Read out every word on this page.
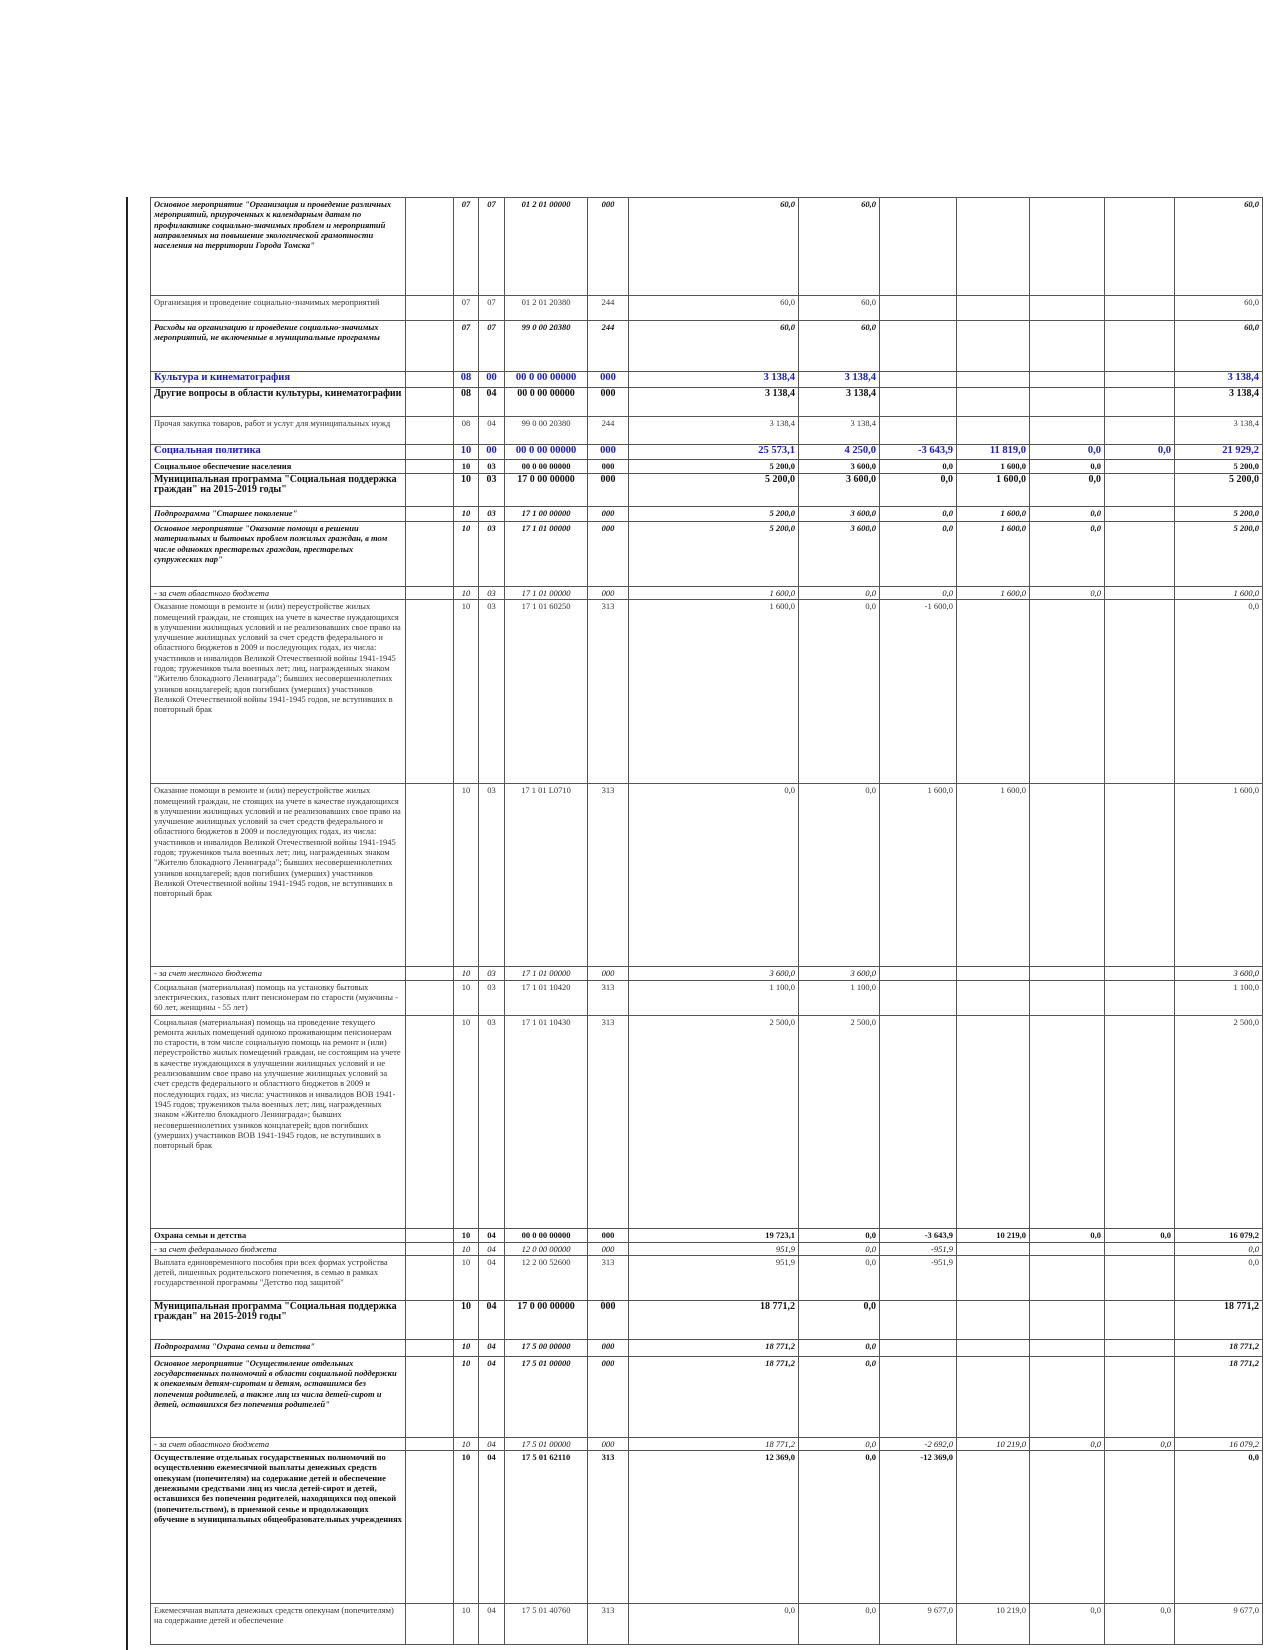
Основное мероприятие "Организация и проведение различных мероприятий, приуроченных к календарным датам по профилактике социально-значимых проблем и мероприятий направленных на повышение экологической грамотности населения на территории Города Томска"		07	07	01 2 01 00000	000	60,0	60,0					60,0
Организация и проведение социально-значимых мероприятий		07	07	01 2 01 20380	244	60,0	60,0					60,0
Расходы на организацию и проведение социально-значимых мероприятий, не включенные в муниципальные программы		07	07	99 0 00 20380	244	60,0	60,0					60,0
Культура и кинематография		08	00	00 0 00 00000	000	3 138,4	3 138,4					3 138,4
Другие вопросы в области культуры, кинематографии		08	04	00 0 00 00000	000	3 138,4	3 138,4					3 138,4
Прочая закупка товаров, работ и услуг для муниципальных нужд		08	04	99 0 00 20380	244	3 138,4	3 138,4					3 138,4
Социальная политика		10	00	00 0 00 00000	000	25 573,1	4 250,0	-3 643,9	11 819,0	0,0	0,0	21 929,2
Социальное обеспечение населения		10	03	00 0 00 00000	000	5 200,0	3 600,0	0,0	1 600,0	0,0		5 200,0
Муниципальная программа "Социальная поддержка граждан" на 2015-2019 годы"		10	03	17 0 00 00000	000	5 200,0	3 600,0	0,0	1 600,0	0,0		5 200,0
Подпрограмма "Старшее поколение"		10	03	17 1 00 00000	000	5 200,0	3 600,0	0,0	1 600,0	0,0		5 200,0
Основное мероприятие "Оказание помощи в решении материальных и бытовых проблем пожилых граждан, в том числе одиноких престарелых граждан, престарелых супружеских пар"		10	03	17 1 01 00000	000	5 200,0	3 600,0	0,0	1 600,0	0,0		5 200,0
- за счет областного бюджета		10	03	17 1 01 00000	000	1 600,0	0,0	0,0	1 600,0	0,0		1 600,0
Оказание помощи в ремонте и (или) переустройстве жилых помещений граждан, не стоящих на учете в качестве нуждающихся в улучшении жилищных условий и не реализовавших свое право на улучшение жилищных условий за счет средств федерального и областного бюджетов в 2009 и последующих годах, из числа: участников и инвалидов Великой Отечественной войны 1941-1945 годов; тружеников тыла военных лет; лиц, награжденных знаком "Жителю блокадного Ленинграда"; бывших несовершеннолетних узников концлагерей; вдов погибших (умерших) участников Великой Отечественной войны 1941-1945 годов, не вступивших в повторный брак		10	03	17 1 01 60250	313	1 600,0	0,0	-1 600,0				0,0
Оказание помощи в ремонте и (или) переустройстве жилых помещений граждан, не стоящих на учете в качестве нуждающихся в улучшении жилищных условий и не реализовавших свое право на улучшение жилищных условий за счет средств федерального и областного бюджетов в 2009 и последующих годах, из числа: участников и инвалидов Великой Отечественной войны 1941-1945 годов; тружеников тыла военных лет; лиц, награжденных знаком "Жителю блокадного Ленинграда"; бывших несовершеннолетних узников концлагерей; вдов погибших (умерших) участников Великой Отечественной войны 1941-1945 годов, не вступивших в повторный брак		10	03	17 1 01 L0710	313	0,0	0,0	1 600,0	1 600,0			1 600,0
- за счет местного бюджета		10	03	17 1 01 00000	000	3 600,0	3 600,0					3 600,0
Социальная (материальная) помощь на установку бытовых электрических, газовых плит пенсионерам по старости (мужчины - 60 лет, женщины - 55 лет)		10	03	17 1 01 10420	313	1 100,0	1 100,0					1 100,0
Социальная (материальная) помощь на проведение текущего ремонта жилых помещений одиноко проживающим пенсионерам по старости, в том числе социальную помощь на ремонт и (или) переустройство жилых помещений граждан, не состоящим на учете в качестве нуждающихся в улучшении жилищных условий и не реализовавшим свое право на улучшение жилищных условий за счет средств федерального и областного бюджетов в 2009 и последующих годах, из числа: участников и инвалидов ВОВ 1941-1945 годов; тружеников тыла военных лет; лиц, награжденных знаком «Жителю блокадного Ленинграда»; бывших несовершеннолетних узников концлагерей; вдов погибших (умерших) участников ВОВ 1941-1945 годов, не вступивших в повторный брак		10	03	17 1 01 10430	313	2 500,0	2 500,0					2 500,0
Охрана семьи и детства		10	04	00 0 00 00000	000	19 723,1	0,0	-3 643,9	10 219,0	0,0	0,0	16 079,2
- за счет федерального бюджета		10	04	12 0 00 00000	000	951,9	0,0	-951,9				0,0
Выплата единовременного пособия при всех формах устройства детей, лишенных родительского попечения, в семью в рамках государственной программы "Детство под защитой"		10	04	12 2 00 52600	313	951,9	0,0	-951,9				0,0
Муниципальная программа "Социальная поддержка граждан" на 2015-2019 годы"		10	04	17 0 00 00000	000	18 771,2	0,0					18 771,2
Подпрограмма "Охрана семьи и детства"		10	04	17 5 00 00000	000	18 771,2	0,0					18 771,2
Основное мероприятие "Осуществление отдельных государственных полномочий в области социальной поддержки к опекаемым детям-сиротам и детям, оставшимся без попечения родителей, а также лиц из числа детей-сирот и детей, оставшихся без попечения родителей"		10	04	17 5 01 00000	000	18 771,2	0,0					18 771,2
- за счет областного бюджета		10	04	17 5 01 00000	000	18 771,2	0,0	-2 692,0	10 219,0	0,0	0,0	16 079,2
Осуществление отдельных государственных полномочий по осуществлению ежемесячной выплаты денежных средств опекунам (попечителям) на содержание детей и обеспечение денежными средствами лиц из числа детей-сирот и детей, оставшихся без попечения родителей, находящихся под опекой (попечительством), в приемной семье и продолжающих обучение в муниципальных общеобразовательных учреждениях		10	04	17 5 01 62110	313	12 369,0	0,0	-12 369,0				0,0
Ежемесячная выплата денежных средств опекунам (попечителям) на содержание детей и обеспечение		10	04	17 5 01 40760	313	0,0	0,0	9 677,0	10 219,0	0,0	0,0	9 677,0
